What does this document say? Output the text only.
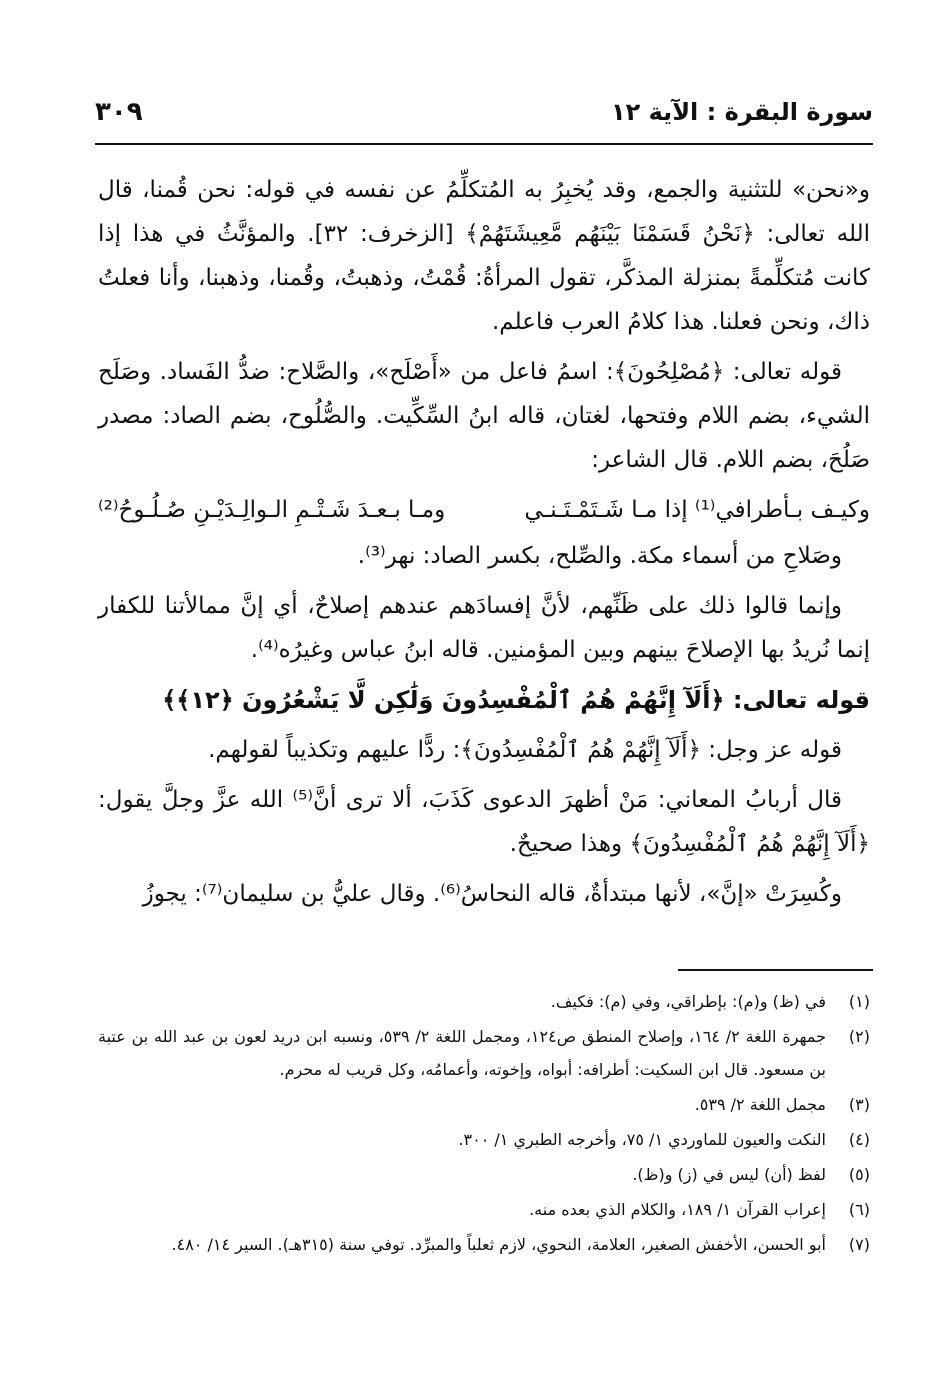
سورة البقرة : الآية ١٢
٣٠٩

و«نحن» للتثنية والجمع، وقد يُخبِرُ به المُتكلِّمُ عن نفسه في قوله: نحن قُمنا، قال الله تعالى: ﴿نَحْنُ قَسَمْنَا بَيْنَهُم مَّعِيشَتَهُمْ﴾ [الزخرف: ٣٢]. والمؤنَّثُ في هذا إذا كانت مُتكلِّمةً بمنزلة المذكَّر، تقول المرأةُ: قُمْتُ، وذهبتُ، وقُمنا، وذهبنا، وأنا فعلتُ ذاك، ونحن فعلنا. هذا كلامُ العرب فاعلم.

قوله تعالى: ﴿مُصْلِحُونَ﴾: اسمُ فاعل من «أَصْلَح»، والصَّلاح: ضدُّ الفَساد. وصَلَح الشيء، بضم اللام وفتحها، لغتان، قاله ابنُ السِّكِّيت. والصُّلُوح، بضم الصاد: مصدر صَلُحَ، بضم اللام. قال الشاعر:

وكيـف بـأطرافي⁽¹⁾ إذا مـا شَـتَمْـتَـنـي
ومـا بـعـدَ شَـتْـمِ الـوالِـدَيْـنِ صُـلُـوحُ⁽²⁾

وصَلاحِ من أسماء مكة. والصِّلح، بكسر الصاد: نهر⁽³⁾.

وإنما قالوا ذلك على ظَنِّهم، لأنَّ إفسادَهم عندهم إصلاحٌ، أي إنَّ ممالأتنا للكفار إنما نُريدُ بها الإصلاحَ بينهم وبين المؤمنين. قاله ابنُ عباس وغيرُه⁽⁴⁾.

قوله تعالى: ﴿أَلَآ إِنَّهُمْ هُمُ ٱلْمُفْسِدُونَ وَلَٰكِن لَّا يَشْعُرُونَ ﴿١٢﴾﴾

قوله عز وجل: ﴿أَلَآ إِنَّهُمْ هُمُ ٱلْمُفْسِدُونَ﴾: ردًّا عليهم وتكذيباً لقولهم.

قال أربابُ المعاني: مَنْ أظهرَ الدعوى كَذَبَ، ألا ترى أنَّ⁽⁵⁾ الله عزَّ وجلَّ يقول: ﴿أَلَآ إِنَّهُمْ هُمُ ٱلْمُفْسِدُونَ﴾ وهذا صحيحٌ.

وكُسِرَتْ «إنَّ»، لأنها مبتدأةٌ، قاله النحاسُ⁽⁶⁾. وقال عليُّ بن سليمان⁽⁷⁾: يجوزُ

(١)
في (ظ) و(م): بإطراقي، وفي (م): فكيف.
(٢)
جمهرة اللغة ٢/ ١٦٤، وإصلاح المنطق ص١٢٤، ومجمل اللغة ٢/ ٥٣٩، ونسبه ابن دريد لعون بن عبد الله بن عتبة بن مسعود. قال ابن السكيت: أطرافه: أبواه، وإخوته، وأعمامُه، وكل قريب له محرم.
(٣)
مجمل اللغة ٢/ ٥٣٩.
(٤)
النكت والعيون للماوردي ١/ ٧٥، وأخرجه الطبري ١/ ٣٠٠.
(٥)
لفظ (أن) ليس في (ز) و(ظ).
(٦)
إعراب القرآن ١/ ١٨٩، والكلام الذي بعده منه.
(٧)
أبو الحسن، الأخفش الصغير، العلامة، النحوي، لازم ثعلباً والمبرِّد. توفي سنة (٣١٥هـ). السير ١٤/ ٤٨٠.
